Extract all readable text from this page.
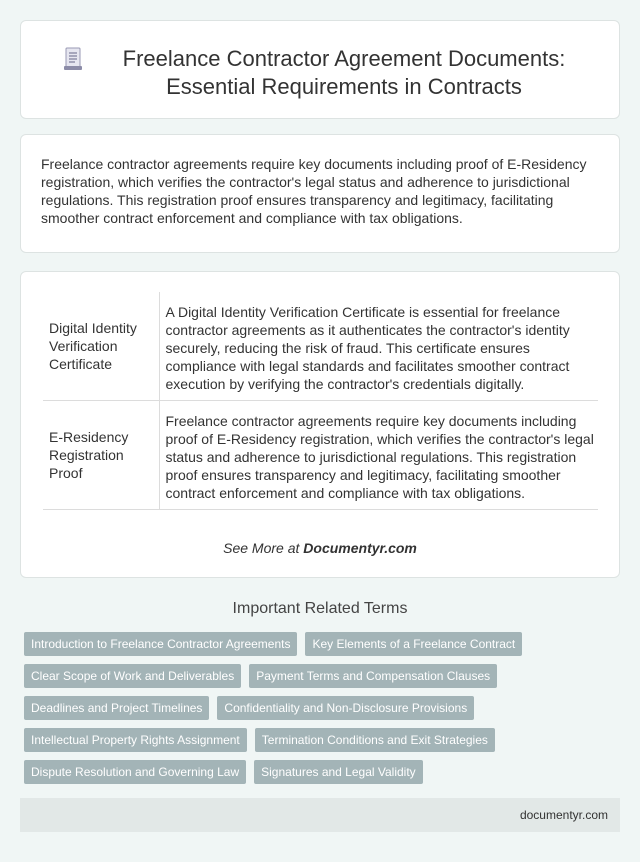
Freelance Contractor Agreement Documents: Essential Requirements in Contracts

Freelance contractor agreements require key documents including proof of E-Residency registration, which verifies the contractor's legal status and adherence to jurisdictional regulations. This registration proof ensures transparency and legitimacy, facilitating smoother contract enforcement and compliance with tax obligations.

Digital Identity Verification Certificate	A Digital Identity Verification Certificate is essential for freelance contractor agreements as it authenticates the contractor's identity securely, reducing the risk of fraud. This certificate ensures compliance with legal standards and facilitates smoother contract execution by verifying the contractor's credentials digitally.
E-Residency Registration Proof	Freelance contractor agreements require key documents including proof of E-Residency registration, which verifies the contractor's legal status and adherence to jurisdictional regulations. This registration proof ensures transparency and legitimacy, facilitating smoother contract enforcement and compliance with tax obligations.
See More at Documentyr.com
Important Related Terms
Introduction to Freelance Contractor Agreements	Key Elements of a Freelance Contract
Clear Scope of Work and Deliverables	Payment Terms and Compensation Clauses
Deadlines and Project Timelines	Confidentiality and Non-Disclosure Provisions
Intellectual Property Rights Assignment	Termination Conditions and Exit Strategies
Dispute Resolution and Governing Law	Signatures and Legal Validity
documentyr.com
